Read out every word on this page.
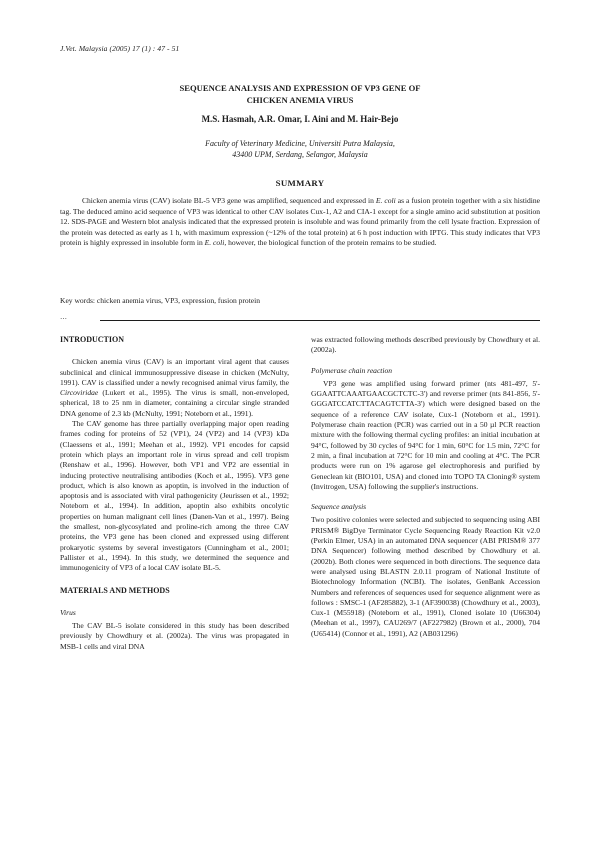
J.Vet. Malaysia (2005) 17 (1) : 47 - 51
SEQUENCE ANALYSIS AND EXPRESSION OF VP3 GENE OF
CHICKEN ANEMIA VIRUS
M.S. Hasmah, A.R. Omar, I. Aini and M. Hair-Bejo
Faculty of Veterinary Medicine, Universiti Putra Malaysia,
43400 UPM, Serdang, Selangor, Malaysia
SUMMARY

Chicken anemia virus (CAV) isolate BL-5 VP3 gene was amplified, sequenced and expressed in E. coli as a fusion protein together with a six histidine tag. The deduced amino acid sequence of VP3 was identical to other CAV isolates Cux-1, A2 and CIA-1 except for a single amino acid substitution at position 12. SDS-PAGE and Western blot analysis indicated that the expressed protein is insoluble and was found primarily from the cell lysate fraction. Expression of the protein was detected as early as 1 h, with maximum expression (~12% of the total protein) at 6 h post induction with IPTG. This study indicates that VP3 protein is highly expressed in insoluble form in E. coli, however, the biological function of the protein remains to be studied.

Key words: chicken anemia virus, VP3, expression, fusion protein
…
INTRODUCTION

Chicken anemia virus (CAV) is an important viral agent that causes subclinical and clinical immunosuppressive disease in chicken (McNulty, 1991). CAV is classified under a newly recognised animal virus family, the Circoviridae (Lukert et al., 1995). The virus is small, non-enveloped, spherical, 18 to 25 nm in diameter, containing a circular single stranded DNA genome of 2.3 kb (McNulty, 1991; Noteborn et al., 1991).

The CAV genome has three partially overlapping major open reading frames coding for proteins of 52 (VP1), 24 (VP2) and 14 (VP3) kDa (Claessens et al., 1991; Meehan et al., 1992). VP1 encodes for capsid protein which plays an important role in virus spread and cell tropism (Renshaw et al., 1996). However, both VP1 and VP2 are essential in inducing protective neutralising antibodies (Koch et al., 1995). VP3 gene product, which is also known as apoptin, is involved in the induction of apoptosis and is associated with viral pathogenicity (Jeurissen et al., 1992; Noteborn et al., 1994). In addition, apoptin also exhibits oncolytic properties on human malignant cell lines (Danen-Van et al., 1997). Being the smallest, non-glycosylated and proline-rich among the three CAV proteins, the VP3 gene has been cloned and expressed using different prokaryotic systems by several investigators (Cunningham et al., 2001; Pallister et al., 1994). In this study, we determined the sequence and immunogenicity of VP3 of a local CAV isolate BL-5.

MATERIALS AND METHODS
Virus

The CAV BL-5 isolate considered in this study has been described previously by Chowdhury et al. (2002a). The virus was propagated in MSB-1 cells and viral DNA

was extracted following methods described previously by Chowdhury et al. (2002a).

Polymerase chain reaction

VP3 gene was amplified using forward primer (nts 481-497, 5'-GGAATTCAAATGAACGCTCTC-3') and reverse primer (nts 841-856, 5'-GGGATCCATCTTACAGTCTTA-3') which were designed based on the sequence of a reference CAV isolate, Cux-1 (Noteborn et al., 1991). Polymerase chain reaction (PCR) was carried out in a 50 µl PCR reaction mixture with the following thermal cycling profiles: an initial incubation at 94°C, followed by 30 cycles of 94°C for 1 min, 60°C for 1.5 min, 72°C for 2 min, a final incubation at 72°C for 10 min and cooling at 4°C. The PCR products were run on 1% agarose gel electrophoresis and purified by Geneclean kit (BIO101, USA) and cloned into TOPO TA Cloning® system (Invitrogen, USA) following the supplier's instructions.

Sequence analysis

Two positive colonies were selected and subjected to sequencing using ABI PRISM® BigDye Terminator Cycle Sequencing Ready Reaction Kit v2.0 (Perkin Elmer, USA) in an automated DNA sequencer (ABI PRISM® 377 DNA Sequencer) following method described by Chowdhury et al. (2002b). Both clones were sequenced in both directions. The sequence data were analysed using BLASTN 2.0.11 program of National Institute of Biotechnology Information (NCBI). The isolates, GenBank Accession Numbers and references of sequences used for sequence alignment were as follows : SMSC-1 (AF285882), 3-1 (AF390038) (Chowdhury et al., 2003), Cux-1 (M55918) (Noteborn et al., 1991), Cloned isolate 10 (U66304) (Meehan et al., 1997), CAU269/7 (AF227982) (Brown et al., 2000), 704 (U65414) (Connor et al., 1991), A2 (AB031296)
